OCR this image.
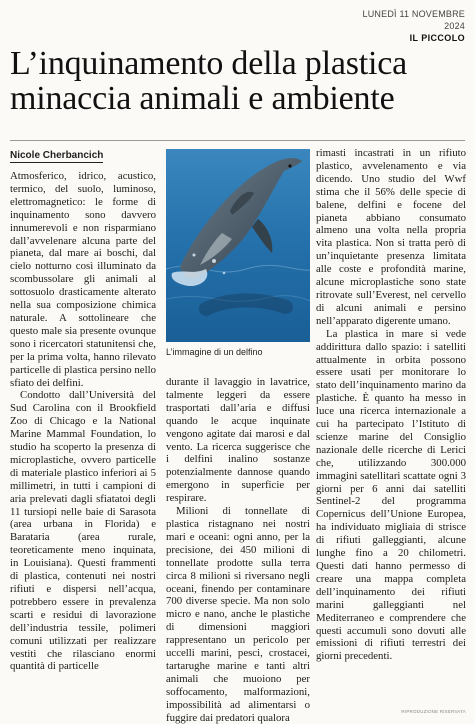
LUNEDÌ 11 NOVEMBRE 2024
IL PICCOLO
L’inquinamento della plastica
minaccia animali e ambiente
Nicole Cherbancich

Atmosferico, idrico, acustico, termico, del suolo, luminoso, elettromagnetico: le forme di inquinamento sono davvero innumerevoli e non risparmiano dall’avvelenare alcuna parte del pianeta, dal mare ai boschi, dal cielo notturno così illuminato da scombussolare gli animali al sottosuolo drasticamente alterato nella sua composizione chimica naturale. A sottolineare che questo male sia presente ovunque sono i ricercatori statunitensi che, per la prima volta, hanno rilevato particelle di plastica persino nello sfiato dei delfini.

Condotto dall’Università del Sud Carolina con il Brookfield Zoo di Chicago e la National Marine Mammal Foundation, lo studio ha scoperto la presenza di microplastiche, ovvero particelle di materiale plastico inferiori ai 5 millimetri, in tutti i campioni di aria prelevati dagli sfiatatoi degli 11 tursiopi nelle baie di Sarasota (area urbana in Florida) e Barataria (area rurale, teoreticamente meno inquinata, in Louisiana). Questi frammenti di plastica, contenuti nei nostri rifiuti e dispersi nell’acqua, potrebbero essere in prevalenza scarti e residui di lavorazione dell’industria tessile, polimeri comuni utilizzati per realizzare vestiti che rilasciano enormi quantità di particelle

L’immagine di un delfino

durante il lavaggio in lavatrice, talmente leggeri da essere trasportati dall’aria e diffusi quando le acque inquinate vengono agitate dai marosi e dal vento. La ricerca suggerisce che i delfini inalino sostanze potenzialmente dannose quando emergono in superficie per respirare.

Milioni di tonnellate di plastica ristagnano nei nostri mari e oceani: ogni anno, per la precisione, dei 450 milioni di tonnellate prodotte sulla terra circa 8 milioni si riversano negli oceani, finendo per contaminare 700 diverse specie. Ma non solo micro e nano, anche le plastiche di dimensioni maggiori rappresentano un pericolo per uccelli marini, pesci, crostacei, tartarughe marine e tanti altri animali che muoiono per soffocamento, malformazioni, impossibilità ad alimentarsi o fuggire dai predatori qualora

rimasti incastrati in un rifiuto plastico, avvelenamento e via dicendo. Uno studio del Wwf stima che il 56% delle specie di balene, delfini e focene del pianeta abbiano consumato almeno una volta nella propria vita plastica. Non si tratta però di un’inquietante presenza limitata alle coste e profondità marine, alcune microplastiche sono state ritrovate sull’Everest, nel cervello di alcuni animali e persino nell’apparato digerente umano.

La plastica in mare si vede addirittura dallo spazio: i satelliti attualmente in orbita possono essere usati per monitorare lo stato dell’inquinamento marino da plastiche. È quanto ha messo in luce una ricerca internazionale a cui ha partecipato l’Istituto di scienze marine del Consiglio nazionale delle ricerche di Lerici che, utilizzando 300.000 immagini satellitari scattate ogni 3 giorni per 6 anni dai satelliti Sentinel-2 del programma Copernicus dell’Unione Europea, ha individuato migliaia di strisce di rifiuti galleggianti, alcune lunghe fino a 20 chilometri. Questi dati hanno permesso di creare una mappa completa dell’inquinamento dei rifiuti marini galleggianti nel Mediterraneo e comprendere che questi accumuli sono dovuti alle emissioni di rifiuti terrestri dei giorni precedenti.

RIPRODUZIONE RISERVATA
